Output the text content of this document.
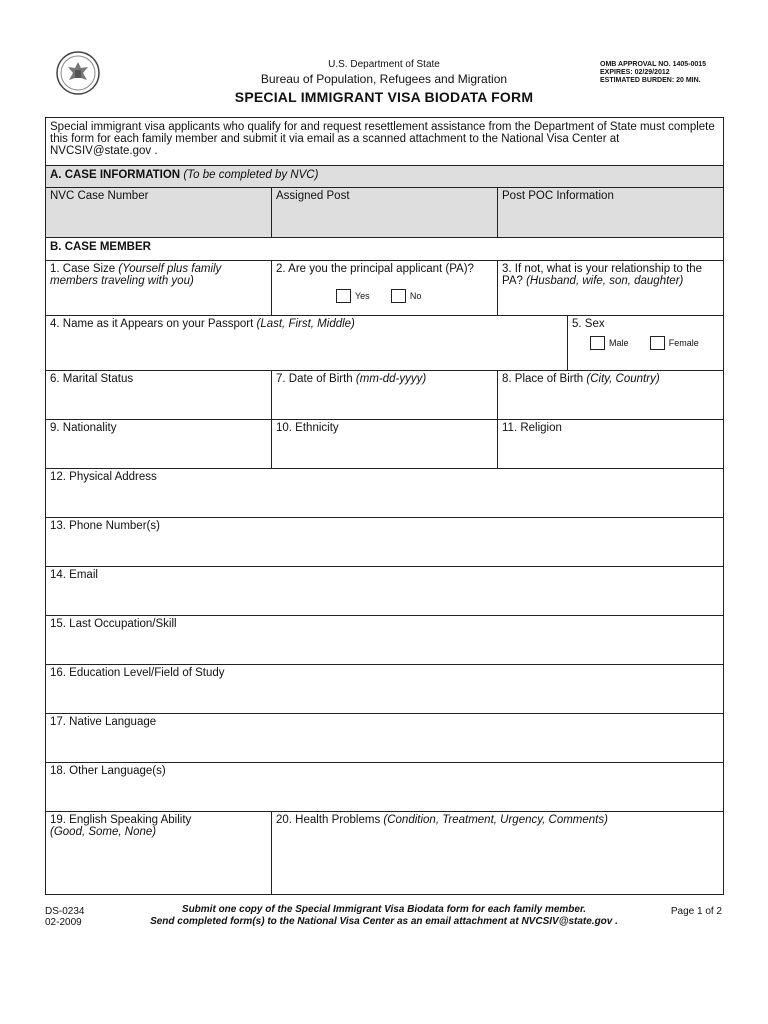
U.S. Department of State
Bureau of Population, Refugees and Migration
SPECIAL IMMIGRANT VISA BIODATA FORM
OMB APPROVAL NO. 1405-0015
EXPIRES: 02/29/2012
ESTIMATED BURDEN: 20 MIN.
Special immigrant visa applicants who qualify for and request resettlement assistance from the Department of State must complete this form for each family member and submit it via email as a scanned attachment to the National Visa Center at NVCSIV@state.gov .
A. CASE INFORMATION (To be completed by NVC)
NVC Case Number	Assigned Post	Post POC Information
B. CASE MEMBER
1. Case Size (Yourself plus family members traveling with you)
2. Are you the principal applicant (PA)?
Yes	No
3. If not, what is your relationship to the PA? (Husband, wife, son, daughter)
4. Name as it Appears on your Passport (Last, First, Middle)	5. Sex
Male	Female
6. Marital Status	7. Date of Birth (mm-dd-yyyy)	8. Place of Birth (City, Country)
9. Nationality	10. Ethnicity	11. Religion
12. Physical Address
13. Phone Number(s)
14. Email
15. Last Occupation/Skill
16. Education Level/Field of Study
17. Native Language
18. Other Language(s)
19. English Speaking Ability
(Good, Some, None)
20. Health Problems (Condition, Treatment, Urgency, Comments)
DS-0234
02-2009
Submit one copy of the Special Immigrant Visa Biodata form for each family member.
Send completed form(s) to the National Visa Center as an email attachment at NVCSIV@state.gov .
Page 1 of 2
